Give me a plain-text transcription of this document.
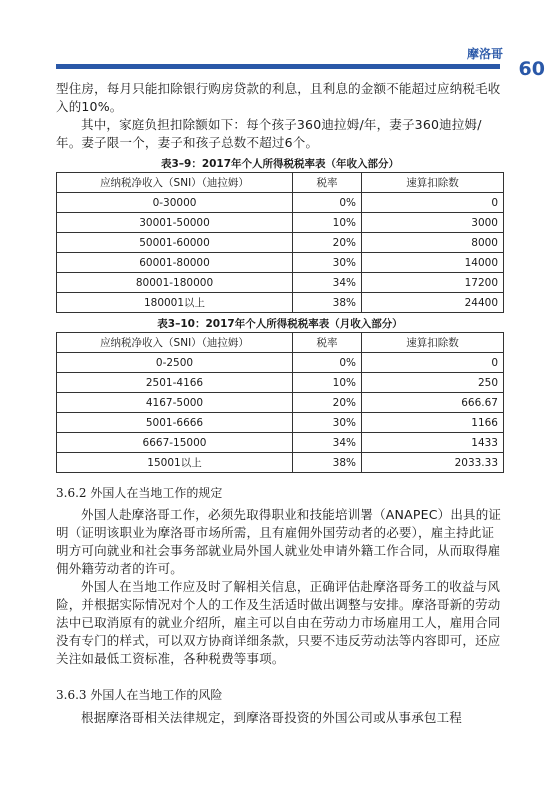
摩洛哥
60
型住房，每月只能扣除银行购房贷款的利息，且利息的金额不能超过应纳税毛收入的10%。
其中，家庭负担扣除额如下：每个孩子360迪拉姆/年，妻子360迪拉姆/年。妻子限一个，妻子和孩子总数不超过6个。
表3–9：2017年个人所得税税率表（年收入部分）
应纳税净收入（SNI）（迪拉姆）	税率	速算扣除数
0-30000	0%	0
30001-50000	10%	3000
50001-60000	20%	8000
60001-80000	30%	14000
80001-180000	34%	17200
180001以上	38%	24400
表3–10：2017年个人所得税税率表（月收入部分）
应纳税净收入（SNI）（迪拉姆）	税率	速算扣除数
0-2500	0%	0
2501-4166	10%	250
4167-5000	20%	666.67
5001-6666	30%	1166
6667-15000	34%	1433
15001以上	38%	2033.33
3.6.2 外国人在当地工作的规定
外国人赴摩洛哥工作，必须先取得职业和技能培训署（ANAPEC）出具的证明（证明该职业为摩洛哥市场所需，且有雇佣外国劳动者的必要），雇主持此证明方可向就业和社会事务部就业局外国人就业处申请外籍工作合同，从而取得雇佣外籍劳动者的许可。
外国人在当地工作应及时了解相关信息，正确评估赴摩洛哥务工的收益与风险，并根据实际情况对个人的工作及生活适时做出调整与安排。摩洛哥新的劳动法中已取消原有的就业介绍所，雇主可以自由在劳动力市场雇用工人，雇用合同没有专门的样式，可以双方协商详细条款，只要不违反劳动法等内容即可，还应关注如最低工资标准，各种税费等事项。
3.6.3 外国人在当地工作的风险
根据摩洛哥相关法律规定，到摩洛哥投资的外国公司或从事承包工程
